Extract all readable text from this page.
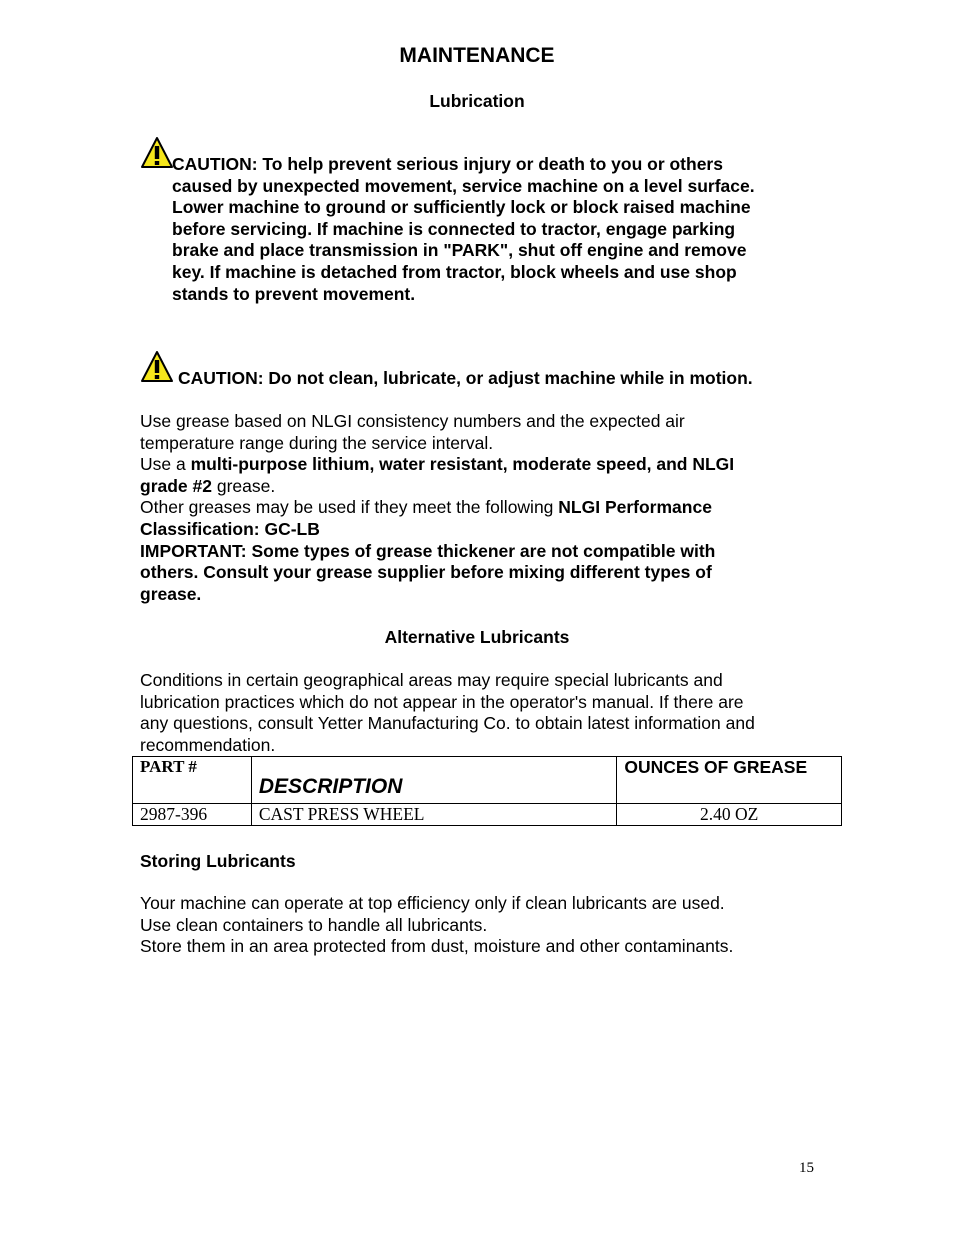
MAINTENANCE
Lubrication

CAUTION: To help prevent serious injury or death to you or others

caused by unexpected movement, service machine on a level surface.

Lower machine to ground or sufficiently lock or block raised machine

before servicing. If machine is connected to tractor, engage parking

brake and place transmission in "PARK", shut off engine and remove

key. If machine is detached from tractor, block wheels and use shop

stands to prevent movement.

CAUTION: Do not clean, lubricate, or adjust machine while in motion.

Use grease based on NLGI consistency numbers and the expected air

temperature range during the service interval.

Use a multi-purpose lithium, water resistant, moderate speed, and NLGI

grade #2 grease.

Other greases may be used if they meet the following NLGI Performance

Classification: GC-LB

IMPORTANT: Some types of grease thickener are not compatible with

others. Consult your grease supplier before mixing different types of

grease.

Alternative Lubricants

Conditions in certain geographical areas may require special lubricants and

lubrication practices which do not appear in the operator's manual. If there are

any questions, consult Yetter Manufacturing Co. to obtain latest information and

recommendation.

PART #	DESCRIPTION	OUNCES OF GREASE
2987-396	CAST PRESS WHEEL	2.40 OZ
Storing Lubricants

Your machine can operate at top efficiency only if clean lubricants are used.

Use clean containers to handle all lubricants.

Store them in an area protected from dust, moisture and other contaminants.

15
